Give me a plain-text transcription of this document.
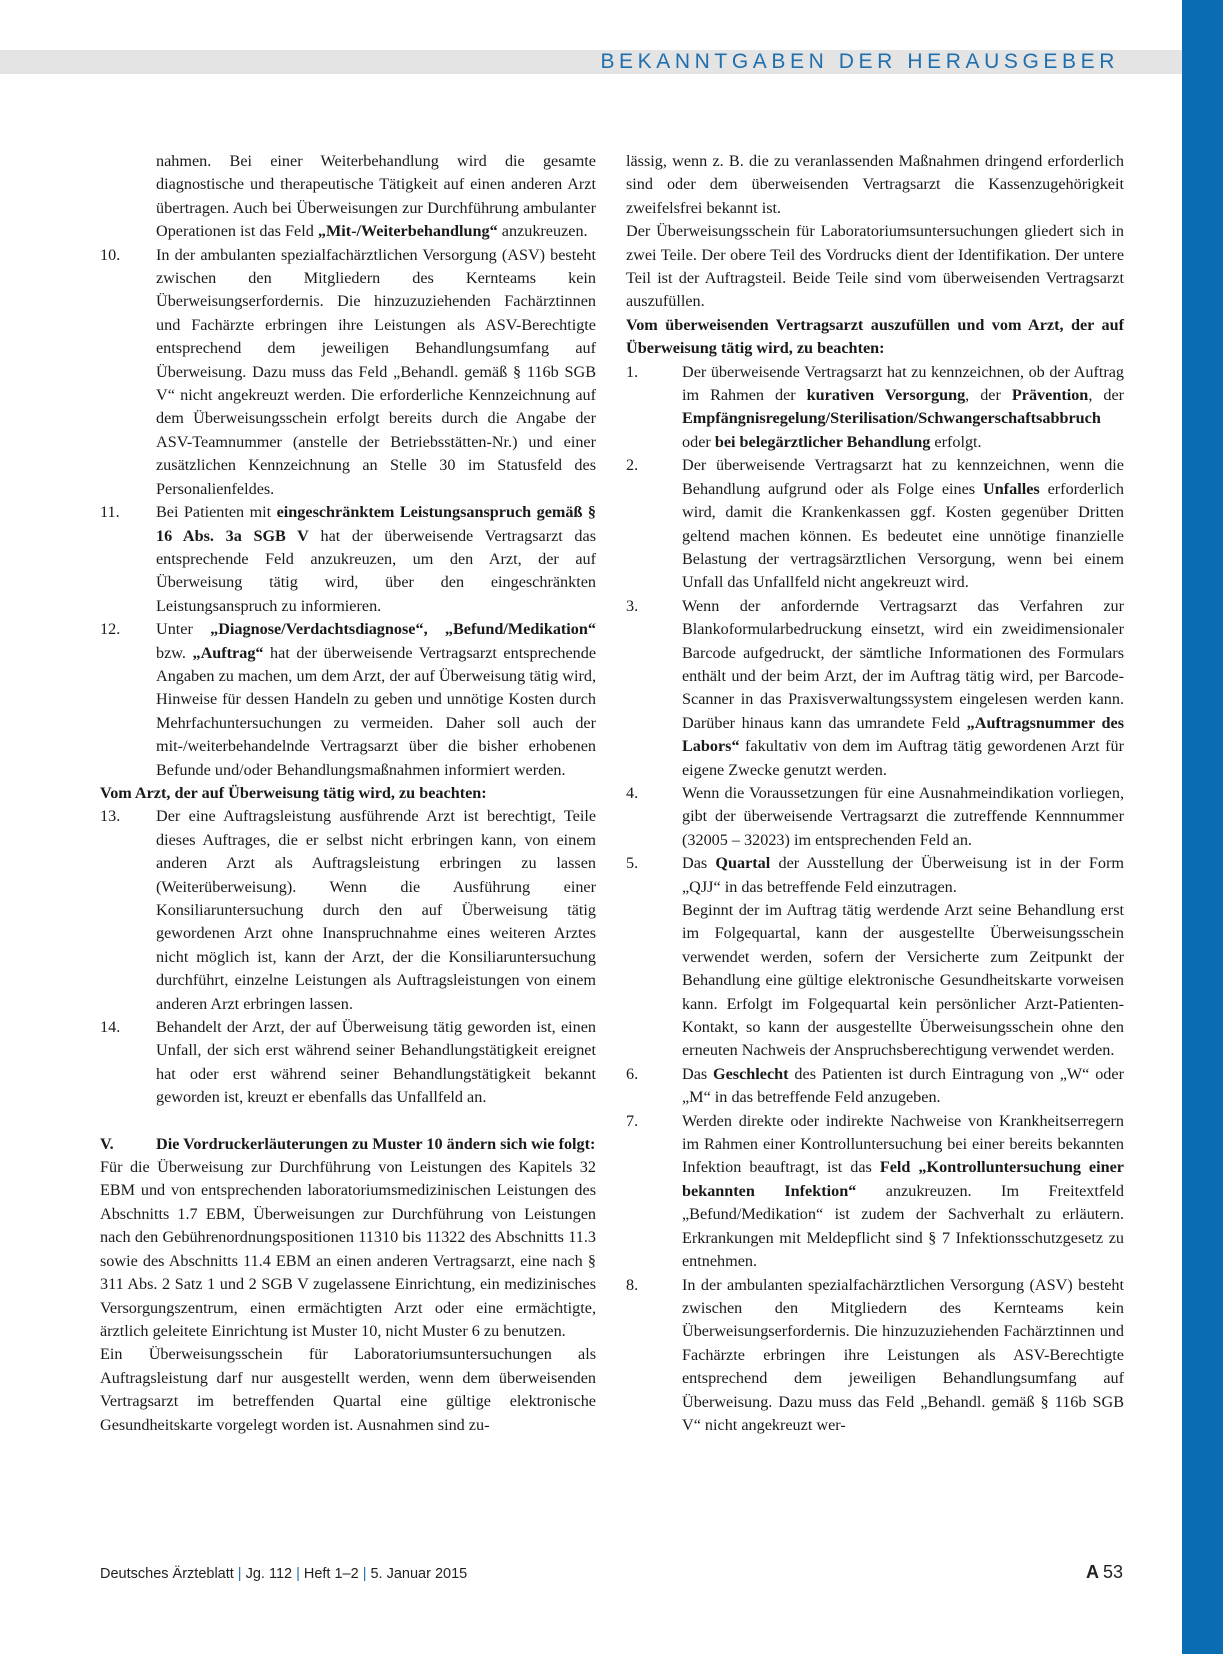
BEKANNTGABEN DER HERAUSGEBER

nahmen. Bei einer Weiterbehandlung wird die gesamte diagnostische und therapeutische Tätigkeit auf einen anderen Arzt übertragen. Auch bei Überweisungen zur Durchführung ambulanter Operationen ist das Feld „Mit-/Weiterbehandlung“ anzukreuzen.

10. In der ambulanten spezialfachärztlichen Versorgung (ASV) besteht zwischen den Mitgliedern des Kernteams kein Überweisungserfordernis. Die hinzuzuziehenden Fachärztinnen und Fachärzte erbringen ihre Leistungen als ASV-Berechtigte entsprechend dem jeweiligen Behandlungsumfang auf Überweisung. Dazu muss das Feld „Behandl. gemäß § 116b SGB V“ nicht angekreuzt werden. Die erforderliche Kennzeichnung auf dem Überweisungsschein erfolgt bereits durch die Angabe der ASV-Teamnummer (anstelle der Betriebsstätten-Nr.) und einer zusätzlichen Kennzeichnung an Stelle 30 im Statusfeld des Personalienfeldes.

11. Bei Patienten mit eingeschränktem Leistungsanspruch gemäß § 16 Abs. 3a SGB V hat der überweisende Vertragsarzt das entsprechende Feld anzukreuzen, um den Arzt, der auf Überweisung tätig wird, über den eingeschränkten Leistungsanspruch zu informieren.

12. Unter „Diagnose/Verdachtsdiagnose“, „Befund/Medikation“ bzw. „Auftrag“ hat der überweisende Vertragsarzt entsprechende Angaben zu machen, um dem Arzt, der auf Überweisung tätig wird, Hinweise für dessen Handeln zu geben und unnötige Kosten durch Mehrfachuntersuchungen zu vermeiden. Daher soll auch der mit-/weiterbehandelnde Vertragsarzt über die bisher erhobenen Befunde und/oder Behandlungsmaßnahmen informiert werden.

Vom Arzt, der auf Überweisung tätig wird, zu beachten:

13. Der eine Auftragsleistung ausführende Arzt ist berechtigt, Teile dieses Auftrages, die er selbst nicht erbringen kann, von einem anderen Arzt als Auftragsleistung erbringen zu lassen (Weiterüberweisung). Wenn die Ausführung einer Konsiliaruntersuchung durch den auf Überweisung tätig gewordenen Arzt ohne Inanspruchnahme eines weiteren Arztes nicht möglich ist, kann der Arzt, der die Konsiliaruntersuchung durchführt, einzelne Leistungen als Auftragsleistungen von einem anderen Arzt erbringen lassen.

14. Behandelt der Arzt, der auf Überweisung tätig geworden ist, einen Unfall, der sich erst während seiner Behandlungstätigkeit ereignet hat oder erst während seiner Behandlungstätigkeit bekannt geworden ist, kreuzt er ebenfalls das Unfallfeld an.

V.	Die Vordruckerläuterungen zu Muster 10 ändern sich wie folgt:

Für die Überweisung zur Durchführung von Leistungen des Kapitels 32 EBM und von entsprechenden laboratoriumsmedizinischen Leistungen des Abschnitts 1.7 EBM, Überweisungen zur Durchführung von Leistungen nach den Gebührenordnungspositionen 11310 bis 11322 des Abschnitts 11.3 sowie des Abschnitts 11.4 EBM an einen anderen Vertragsarzt, eine nach § 311 Abs. 2 Satz 1 und 2 SGB V zugelassene Einrichtung, ein medizinisches Versorgungszentrum, einen ermächtigten Arzt oder eine ermächtigte, ärztlich geleitete Einrichtung ist Muster 10, nicht Muster 6 zu benutzen.

Ein Überweisungsschein für Laboratoriumsuntersuchungen als Auftragsleistung darf nur ausgestellt werden, wenn dem überweisenden Vertragsarzt im betreffenden Quartal eine gültige elektronische Gesundheitskarte vorgelegt worden ist. Ausnahmen sind zu-

lässig, wenn z. B. die zu veranlassenden Maßnahmen dringend erforderlich sind oder dem überweisenden Vertragsarzt die Kassenzugehörigkeit zweifelsfrei bekannt ist.

Der Überweisungsschein für Laboratoriumsuntersuchungen gliedert sich in zwei Teile. Der obere Teil des Vordrucks dient der Identifikation. Der untere Teil ist der Auftragsteil. Beide Teile sind vom überweisenden Vertragsarzt auszufüllen.

Vom überweisenden Vertragsarzt auszufüllen und vom Arzt, der auf Überweisung tätig wird, zu beachten:

1.	Der überweisende Vertragsarzt hat zu kennzeichnen, ob der Auftrag im Rahmen der kurativen Versorgung, der Prävention, der Empfängnisregelung/Sterilisation/Schwangerschaftsabbruch oder bei belegärztlicher Behandlung erfolgt.

2.	Der überweisende Vertragsarzt hat zu kennzeichnen, wenn die Behandlung aufgrund oder als Folge eines Unfalles erforderlich wird, damit die Krankenkassen ggf. Kosten gegenüber Dritten geltend machen können. Es bedeutet eine unnötige finanzielle Belastung der vertragsärztlichen Versorgung, wenn bei einem Unfall das Unfallfeld nicht angekreuzt wird.

3.	Wenn der anfordernde Vertragsarzt das Verfahren zur Blankoformularbedruckung einsetzt, wird ein zweidimensionaler Barcode aufgedruckt, der sämtliche Informationen des Formulars enthält und der beim Arzt, der im Auftrag tätig wird, per Barcode-Scanner in das Praxisverwaltungssystem eingelesen werden kann. Darüber hinaus kann das umrandete Feld „Auftragsnummer des Labors“ fakultativ von dem im Auftrag tätig gewordenen Arzt für eigene Zwecke genutzt werden.

4.	Wenn die Voraussetzungen für eine Ausnahmeindikation vorliegen, gibt der überweisende Vertragsarzt die zutreffende Kennnummer (32005 – 32023) im entsprechenden Feld an.

5.	Das Quartal der Ausstellung der Überweisung ist in der Form „QJJ“ in das betreffende Feld einzutragen.

Beginnt der im Auftrag tätig werdende Arzt seine Behandlung erst im Folgequartal, kann der ausgestellte Überweisungsschein verwendet werden, sofern der Versicherte zum Zeitpunkt der Behandlung eine gültige elektronische Gesundheitskarte vorweisen kann. Erfolgt im Folgequartal kein persönlicher Arzt-Patienten-Kontakt, so kann der ausgestellte Überweisungsschein ohne den erneuten Nachweis der Anspruchsberechtigung verwendet werden.

6.	Das Geschlecht des Patienten ist durch Eintragung von „W“ oder „M“ in das betreffende Feld anzugeben.

7.	Werden direkte oder indirekte Nachweise von Krankheitserregern im Rahmen einer Kontrolluntersuchung bei einer bereits bekannten Infektion beauftragt, ist das Feld „Kontrolluntersuchung einer bekannten Infektion“ anzukreuzen. Im Freitextfeld „Befund/Medikation“ ist zudem der Sachverhalt zu erläutern. Erkrankungen mit Meldepflicht sind § 7 Infektionsschutzgesetz zu entnehmen.

8.	In der ambulanten spezialfachärztlichen Versorgung (ASV) besteht zwischen den Mitgliedern des Kernteams kein Überweisungserfordernis. Die hinzuzuziehenden Fachärztinnen und Fachärzte erbringen ihre Leistungen als ASV-Berechtigte entsprechend dem jeweiligen Behandlungsumfang auf Überweisung. Dazu muss das Feld „Behandl. gemäß § 116b SGB V“ nicht angekreuzt wer-

Deutsches Ärzteblatt | Jg. 112 | Heft 1–2 | 5. Januar 2015	A 53
